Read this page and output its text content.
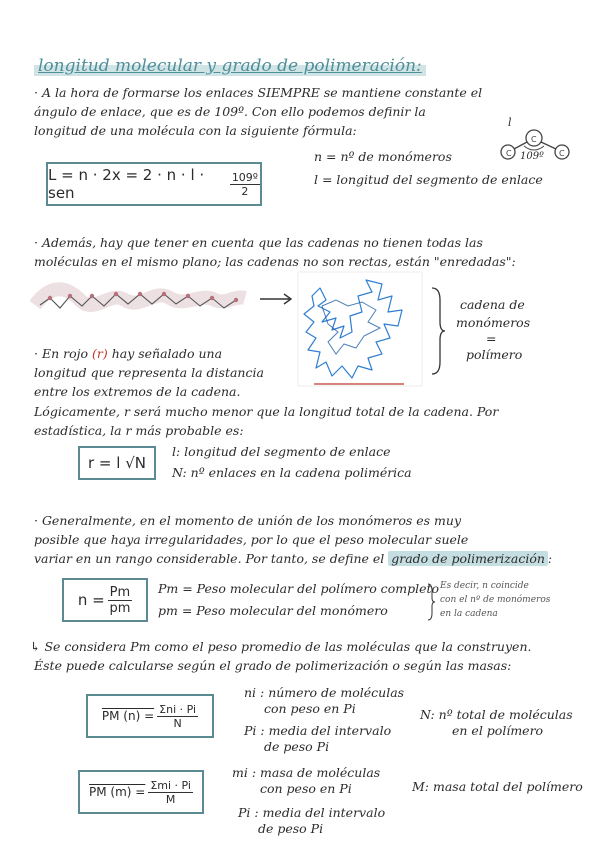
longitud molecular y grado de polimeración:
· A la hora de formarse los enlaces SIEMPRE se mantiene constante el
ángulo de enlace, que es de 109º. Con ello podemos definir la
longitud de una molécula con la siguiente fórmula:
L = n · 2x = 2 · n · l · sen	$\frac{\text{109º}}{2}$
n = nº de monómeros
l = longitud del segmento de enlace
C
C
C
l
109º
· Además, hay que tener en cuenta que las cadenas no tienen todas las
moléculas en el mismo plano; las cadenas no son rectas, están "enredadas":
cadena de
monómeros
=
polímero
· En rojo (r) hay señalado una
longitud que representa la distancia
entre los extremos de la cadena.
Lógicamente, r será mucho menor que la longitud total de la cadena. Por
estadística, la r más probable es:
r = l √N
l: longitud del segmento de enlace
N: nº enlaces en la cadena polimérica
· Generalmente, en el momento de unión de los monómeros es muy
posible que haya irregularidades, por lo que el peso molecular suele
variar en un rango considerable. Por tanto, se define el grado de polimerización :
$n = \frac{Pm}{pm}$ Pm = Peso molecular del polímero completo
pm = Peso molecular del monómero
Es decir, n coincide
con el nº de monómeros
en la cadena
↳ Se considera Pm como el peso promedio de las moléculas que la construyen.
Éste puede calcularse según el grado de polimerización o según las masas:
PM $(n) = \frac{\text{Σni · Pi}}{N}$
ni : número de moléculas
con peso en Pi
Pi : media del intervalo
de peso Pi
N: nº total de moléculas
en el polímero
PM $(m) = \frac{\text{Σmi · Pi}}{M}$
mi : masa de moléculas
con peso en Pi
Pi : media del intervalo
de peso Pi
M: masa total del polímero
